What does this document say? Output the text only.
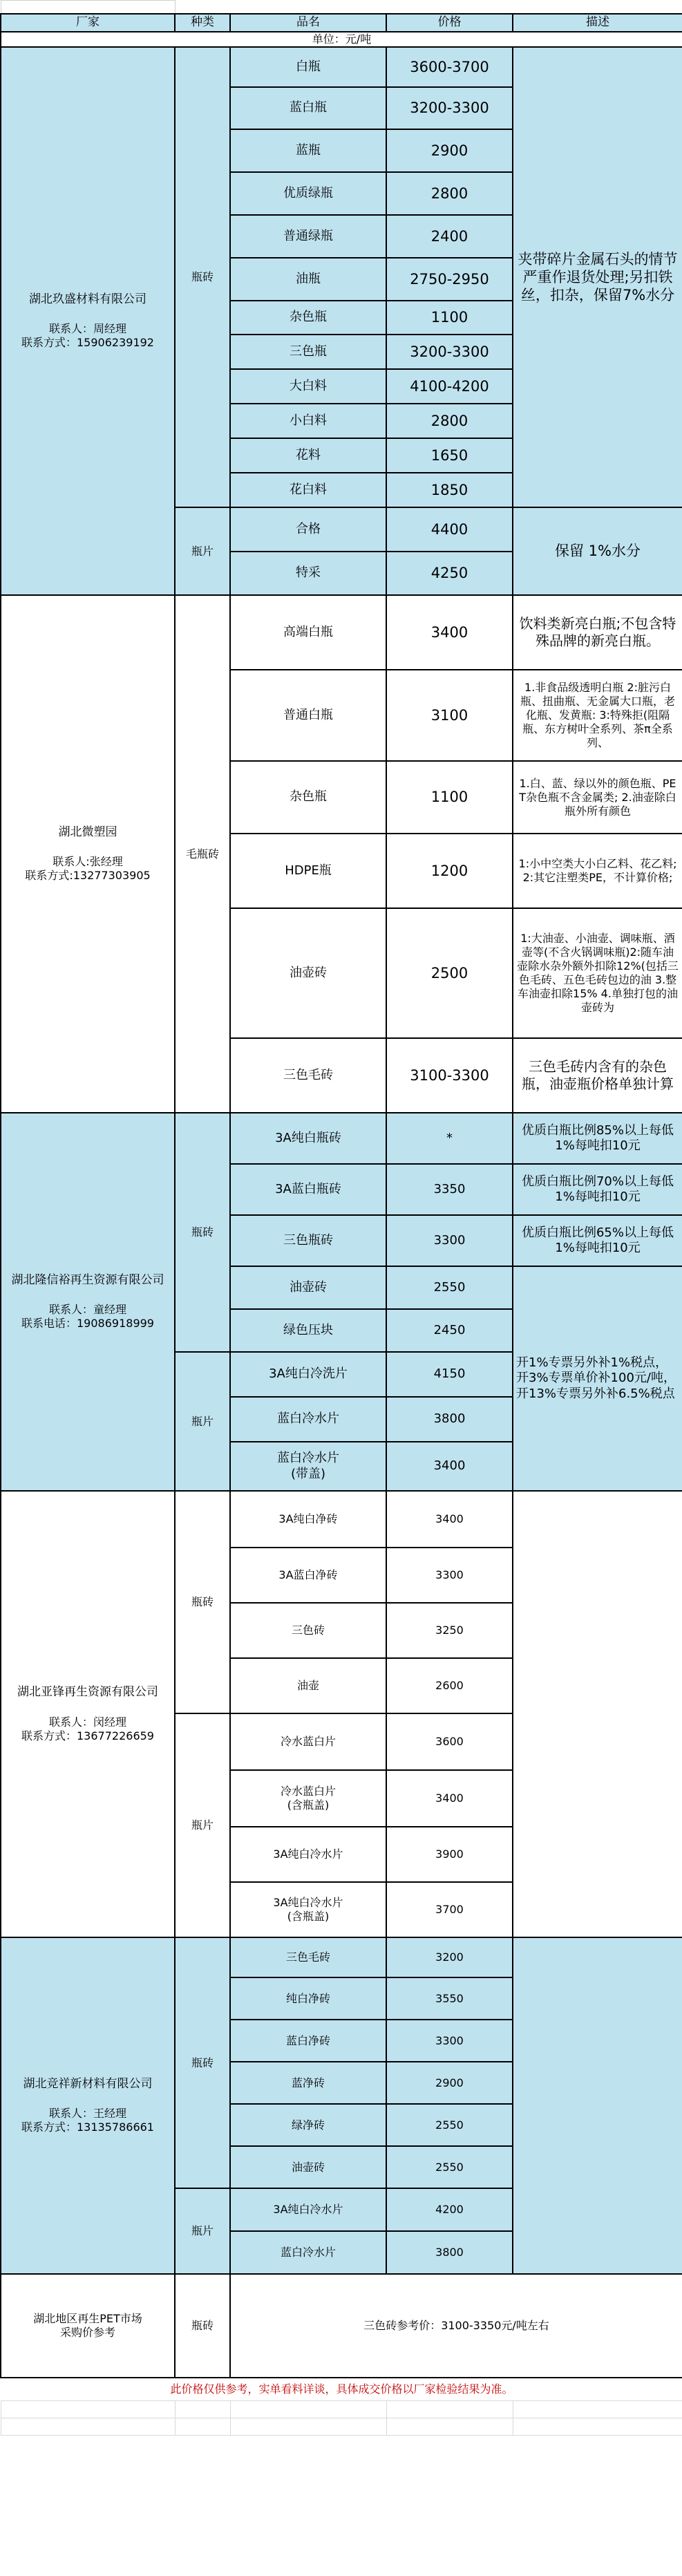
厂家	种类	品名	价格	描述
单位：元/吨				

湖北玖盛材料有限公司
联系人：周经理
联系方式：15906239192	瓶砖	白瓶	3600-3700	夹带碎片金属石头的情节严重作退货处理;另扣铁丝，扣杂，保留7%水分
		蓝白瓶	3200-3300	
		蓝瓶	2900	
		优质绿瓶	2800	
		普通绿瓶	2400	
		油瓶	2750-2950	
		杂色瓶	1100	
		三色瓶	3200-3300	
		大白料	4100-4200	
		小白料	2800	
		花料	1650	
		花白料	1850	
	瓶片	合格	4400	保留 1%水分
		特采	4250	

湖北微塑园
联系人:张经理
联系方式:13277303905	毛瓶砖	高端白瓶	3400	饮料类新亮白瓶;不包含特殊品牌的新亮白瓶。
		普通白瓶	3100	1.非食品级透明白瓶 2:脏污白瓶、扭曲瓶、无金属大口瓶，老化瓶、发黄瓶: 3:特殊拒(阻隔瓶、东方树叶全系列、茶π全系列、
		杂色瓶	1100	1.白、蓝、绿以外的颜色瓶、PET杂色瓶不含金属类; 2.油壶除白瓶外所有颜色
		HDPE瓶	1200	1:小中空类大小白乙料、花乙料; 2:其它注塑类PE，不计算价格;
		油壶砖	2500	1:大油壶、小油壶、调味瓶、酒壶等(不含火锅调味瓶)2:随车油壶除水杂外额外扣除12%(包括三色毛砖、五色毛砖包边的油 3.整车油壶扣除15% 4.单独打包的油壶砖为
		三色毛砖	3100-3300	三色毛砖内含有的杂色瓶，油壶瓶价格单独计算

湖北隆信裕再生资源有限公司
联系人：童经理
联系电话：19086918999	瓶砖	3A纯白瓶砖	*	优质白瓶比例85%以上每低1%每吨扣10元
		3A蓝白瓶砖	3350	优质白瓶比例70%以上每低1%每吨扣10元
		三色瓶砖	3300	优质白瓶比例65%以上每低1%每吨扣10元
		油壶砖	2550	开1%专票另外补1%税点，开3%专票单价补100元/吨，开13%专票另外补6.5%税点
		绿色压块	2450	
	瓶片	3A纯白冷洗片	4150	
		蓝白冷水片	3800	

		蓝白冷水片
(带盖)	3400	

湖北亚锋再生资源有限公司
联系人：闵经理
联系方式：13677226659	瓶砖	3A纯白净砖	3400	
		3A蓝白净砖	3300	
		三色砖	3250	
		油壶	2600	
	瓶片	冷水蓝白片	3600	

		冷水蓝白片
(含瓶盖)	3400	
		3A纯白冷水片	3900	

		3A纯白冷水片
(含瓶盖)	3700	

湖北竞祥新材料有限公司
联系人：王经理
联系方式：13135786661	瓶砖	三色毛砖	3200	
		纯白净砖	3550	
		蓝白净砖	3300	
		蓝净砖	2900	
		绿净砖	2550	
		油壶砖	2550	
	瓶片	3A纯白冷水片	4200	
		蓝白冷水片	3800	

湖北地区再生PET市场
采购价参考	瓶砖	三色砖参考价：3100-3350元/吨左右		
此价格仅供参考，实单看料详谈，具体成交价格以厂家检验结果为准。				
